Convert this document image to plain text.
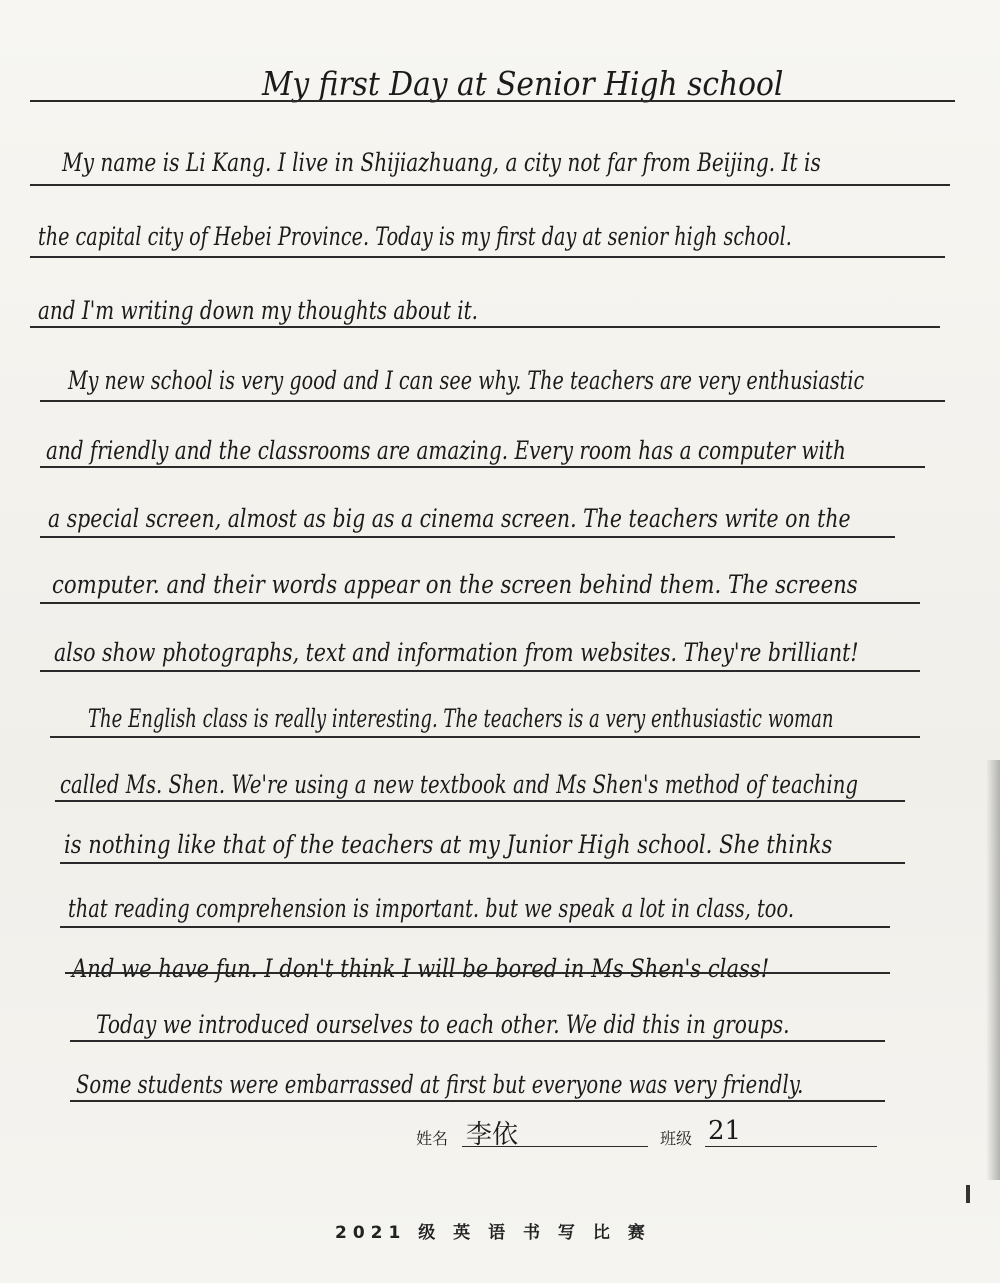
My first Day at Senior High school

My name is Li Kang. I live in Shijiazhuang, a city not far from Beijing. It is

the capital city of Hebei Province. Today is my first day at senior high school.

and I'm writing down my thoughts about it.

My new school is very good and I can see why. The teachers are very enthusiastic

and friendly and the classrooms are amazing. Every room has a computer with

a special screen, almost as big as a cinema screen. The teachers write on the

computer. and their words appear on the screen behind them. The screens

also show photographs, text and information from websites. They're brilliant!

The English class is really interesting. The teachers is a very enthusiastic woman

called Ms. Shen. We're using a new textbook and Ms Shen's method of teaching

is nothing like that of the teachers at my Junior High school. She thinks

that reading comprehension is important. but we speak a lot in class, too.

And we have fun. I don't think I will be bored in Ms Shen's class!

Today we introduced ourselves to each other. We did this in groups.

Some students were embarrassed at first but everyone was very friendly.

姓名 李依	班级 21
2021 级 英 语 书 写 比 赛
